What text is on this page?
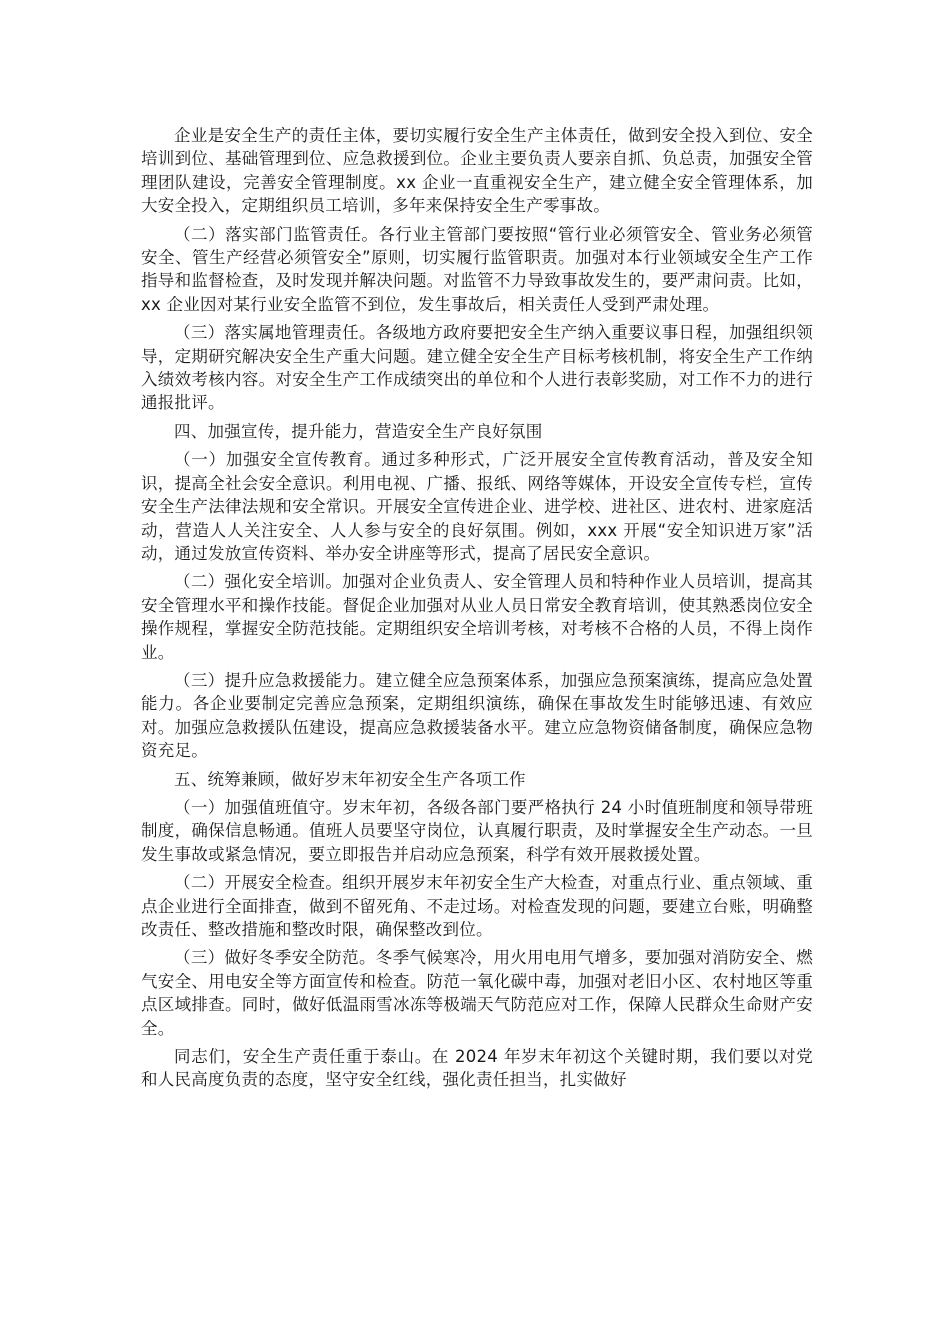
企业是安全生产的责任主体，要切实履行安全生产主体责任，做到安全投入到位、安全培训到位、基础管理到位、应急救援到位。企业主要负责人要亲自抓、负总责，加强安全管理团队建设，完善安全管理制度。xx 企业一直重视安全生产，建立健全安全管理体系，加大安全投入，定期组织员工培训，多年来保持安全生产零事故。

（二）落实部门监管责任。各行业主管部门要按照“管行业必须管安全、管业务必须管安全、管生产经营必须管安全”原则，切实履行监管职责。加强对本行业领域安全生产工作指导和监督检查，及时发现并解决问题。对监管不力导致事故发生的，要严肃问责。比如，xx 企业因对某行业安全监管不到位，发生事故后，相关责任人受到严肃处理。

（三）落实属地管理责任。各级地方政府要把安全生产纳入重要议事日程，加强组织领导，定期研究解决安全生产重大问题。建立健全安全生产目标考核机制，将安全生产工作纳入绩效考核内容。对安全生产工作成绩突出的单位和个人进行表彰奖励，对工作不力的进行通报批评。

四、加强宣传，提升能力，营造安全生产良好氛围

（一）加强安全宣传教育。通过多种形式，广泛开展安全宣传教育活动，普及安全知识，提高全社会安全意识。利用电视、广播、报纸、网络等媒体，开设安全宣传专栏，宣传安全生产法律法规和安全常识。开展安全宣传进企业、进学校、进社区、进农村、进家庭活动，营造人人关注安全、人人参与安全的良好氛围。例如，xxx 开展“安全知识进万家”活动，通过发放宣传资料、举办安全讲座等形式，提高了居民安全意识。

（二）强化安全培训。加强对企业负责人、安全管理人员和特种作业人员培训，提高其安全管理水平和操作技能。督促企业加强对从业人员日常安全教育培训，使其熟悉岗位安全操作规程，掌握安全防范技能。定期组织安全培训考核，对考核不合格的人员，不得上岗作业。

（三）提升应急救援能力。建立健全应急预案体系，加强应急预案演练，提高应急处置能力。各企业要制定完善应急预案，定期组织演练，确保在事故发生时能够迅速、有效应对。加强应急救援队伍建设，提高应急救援装备水平。建立应急物资储备制度，确保应急物资充足。

五、统筹兼顾，做好岁末年初安全生产各项工作

（一）加强值班值守。岁末年初，各级各部门要严格执行 24 小时值班制度和领导带班制度，确保信息畅通。值班人员要坚守岗位，认真履行职责，及时掌握安全生产动态。一旦发生事故或紧急情况，要立即报告并启动应急预案，科学有效开展救援处置。

（二）开展安全检查。组织开展岁末年初安全生产大检查，对重点行业、重点领域、重点企业进行全面排查，做到不留死角、不走过场。对检查发现的问题，要建立台账，明确整改责任、整改措施和整改时限，确保整改到位。

（三）做好冬季安全防范。冬季气候寒冷，用火用电用气增多，要加强对消防安全、燃气安全、用电安全等方面宣传和检查。防范一氧化碳中毒，加强对老旧小区、农村地区等重点区域排查。同时，做好低温雨雪冰冻等极端天气防范应对工作，保障人民群众生命财产安全。

同志们，安全生产责任重于泰山。在 2024 年岁末年初这个关键时期，我们要以对党和人民高度负责的态度，坚守安全红线，强化责任担当，扎实做好
